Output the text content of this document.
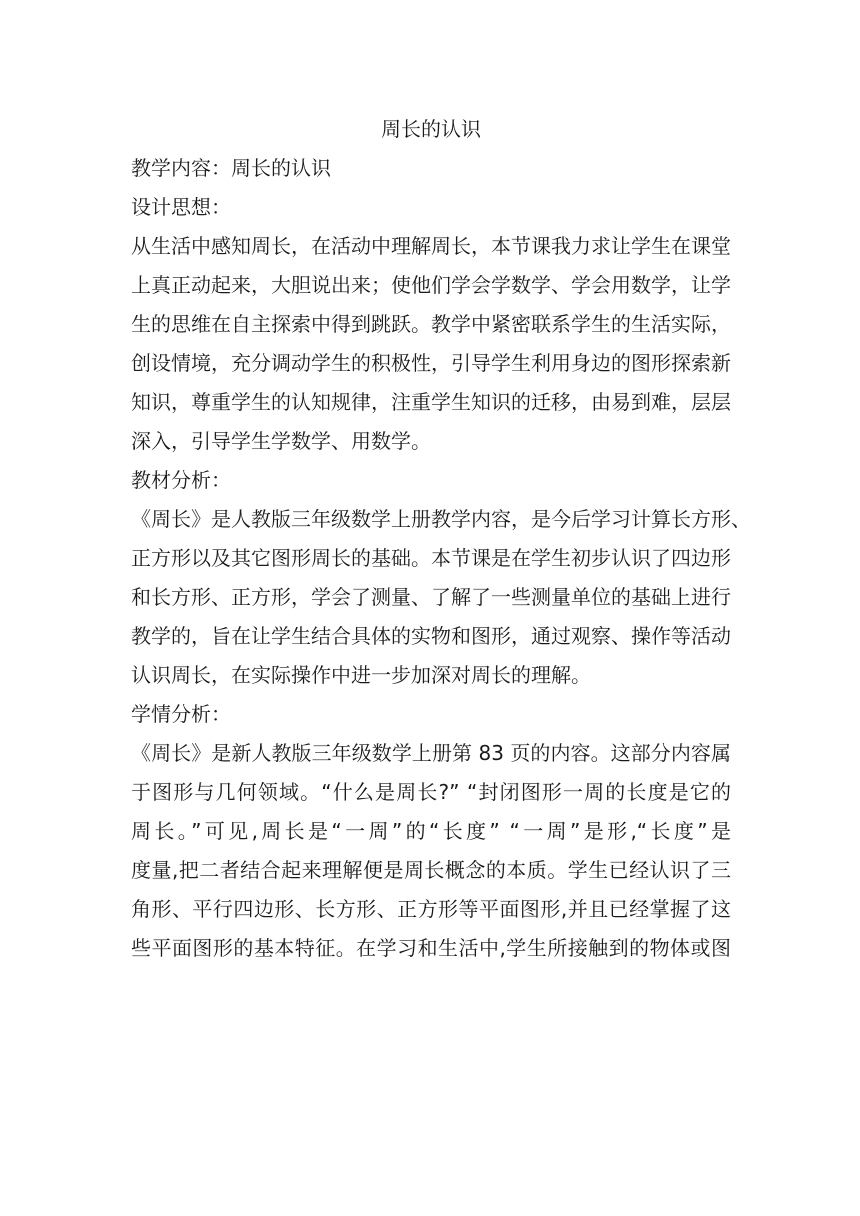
周长的认识

教学内容：周长的认识

设计思想：

从生活中感知周长，在活动中理解周长，本节课我力求让学生在课堂

上真正动起来，大胆说出来；使他们学会学数学、学会用数学，让学

生的思维在自主探索中得到跳跃。教学中紧密联系学生的生活实际，

创设情境，充分调动学生的积极性，引导学生利用身边的图形探索新

知识，尊重学生的认知规律，注重学生知识的迁移，由易到难，层层

深入，引导学生学数学、用数学。

教材分析：

《周长》是人教版三年级数学上册教学内容，是今后学习计算长方形、

正方形以及其它图形周长的基础。本节课是在学生初步认识了四边形

和长方形、正方形，学会了测量、了解了一些测量单位的基础上进行

教学的，旨在让学生结合具体的实物和图形，通过观察、操作等活动

认识周长，在实际操作中进一步加深对周长的理解。

学情分析：

《周长》是新人教版三年级数学上册第 83 页的内容。这部分内容属

于图形与几何领域。“什么是周长?” “封闭图形一周的长度是它的

周长。”可见,周长是“一周”的“长度” “一周”是形,“长度”是

度量,把二者结合起来理解便是周长概念的本质。学生已经认识了三

角形、平行四边形、长方形、正方形等平面图形,并且已经掌握了这

些平面图形的基本特征。在学习和生活中,学生所接触到的物体或图
